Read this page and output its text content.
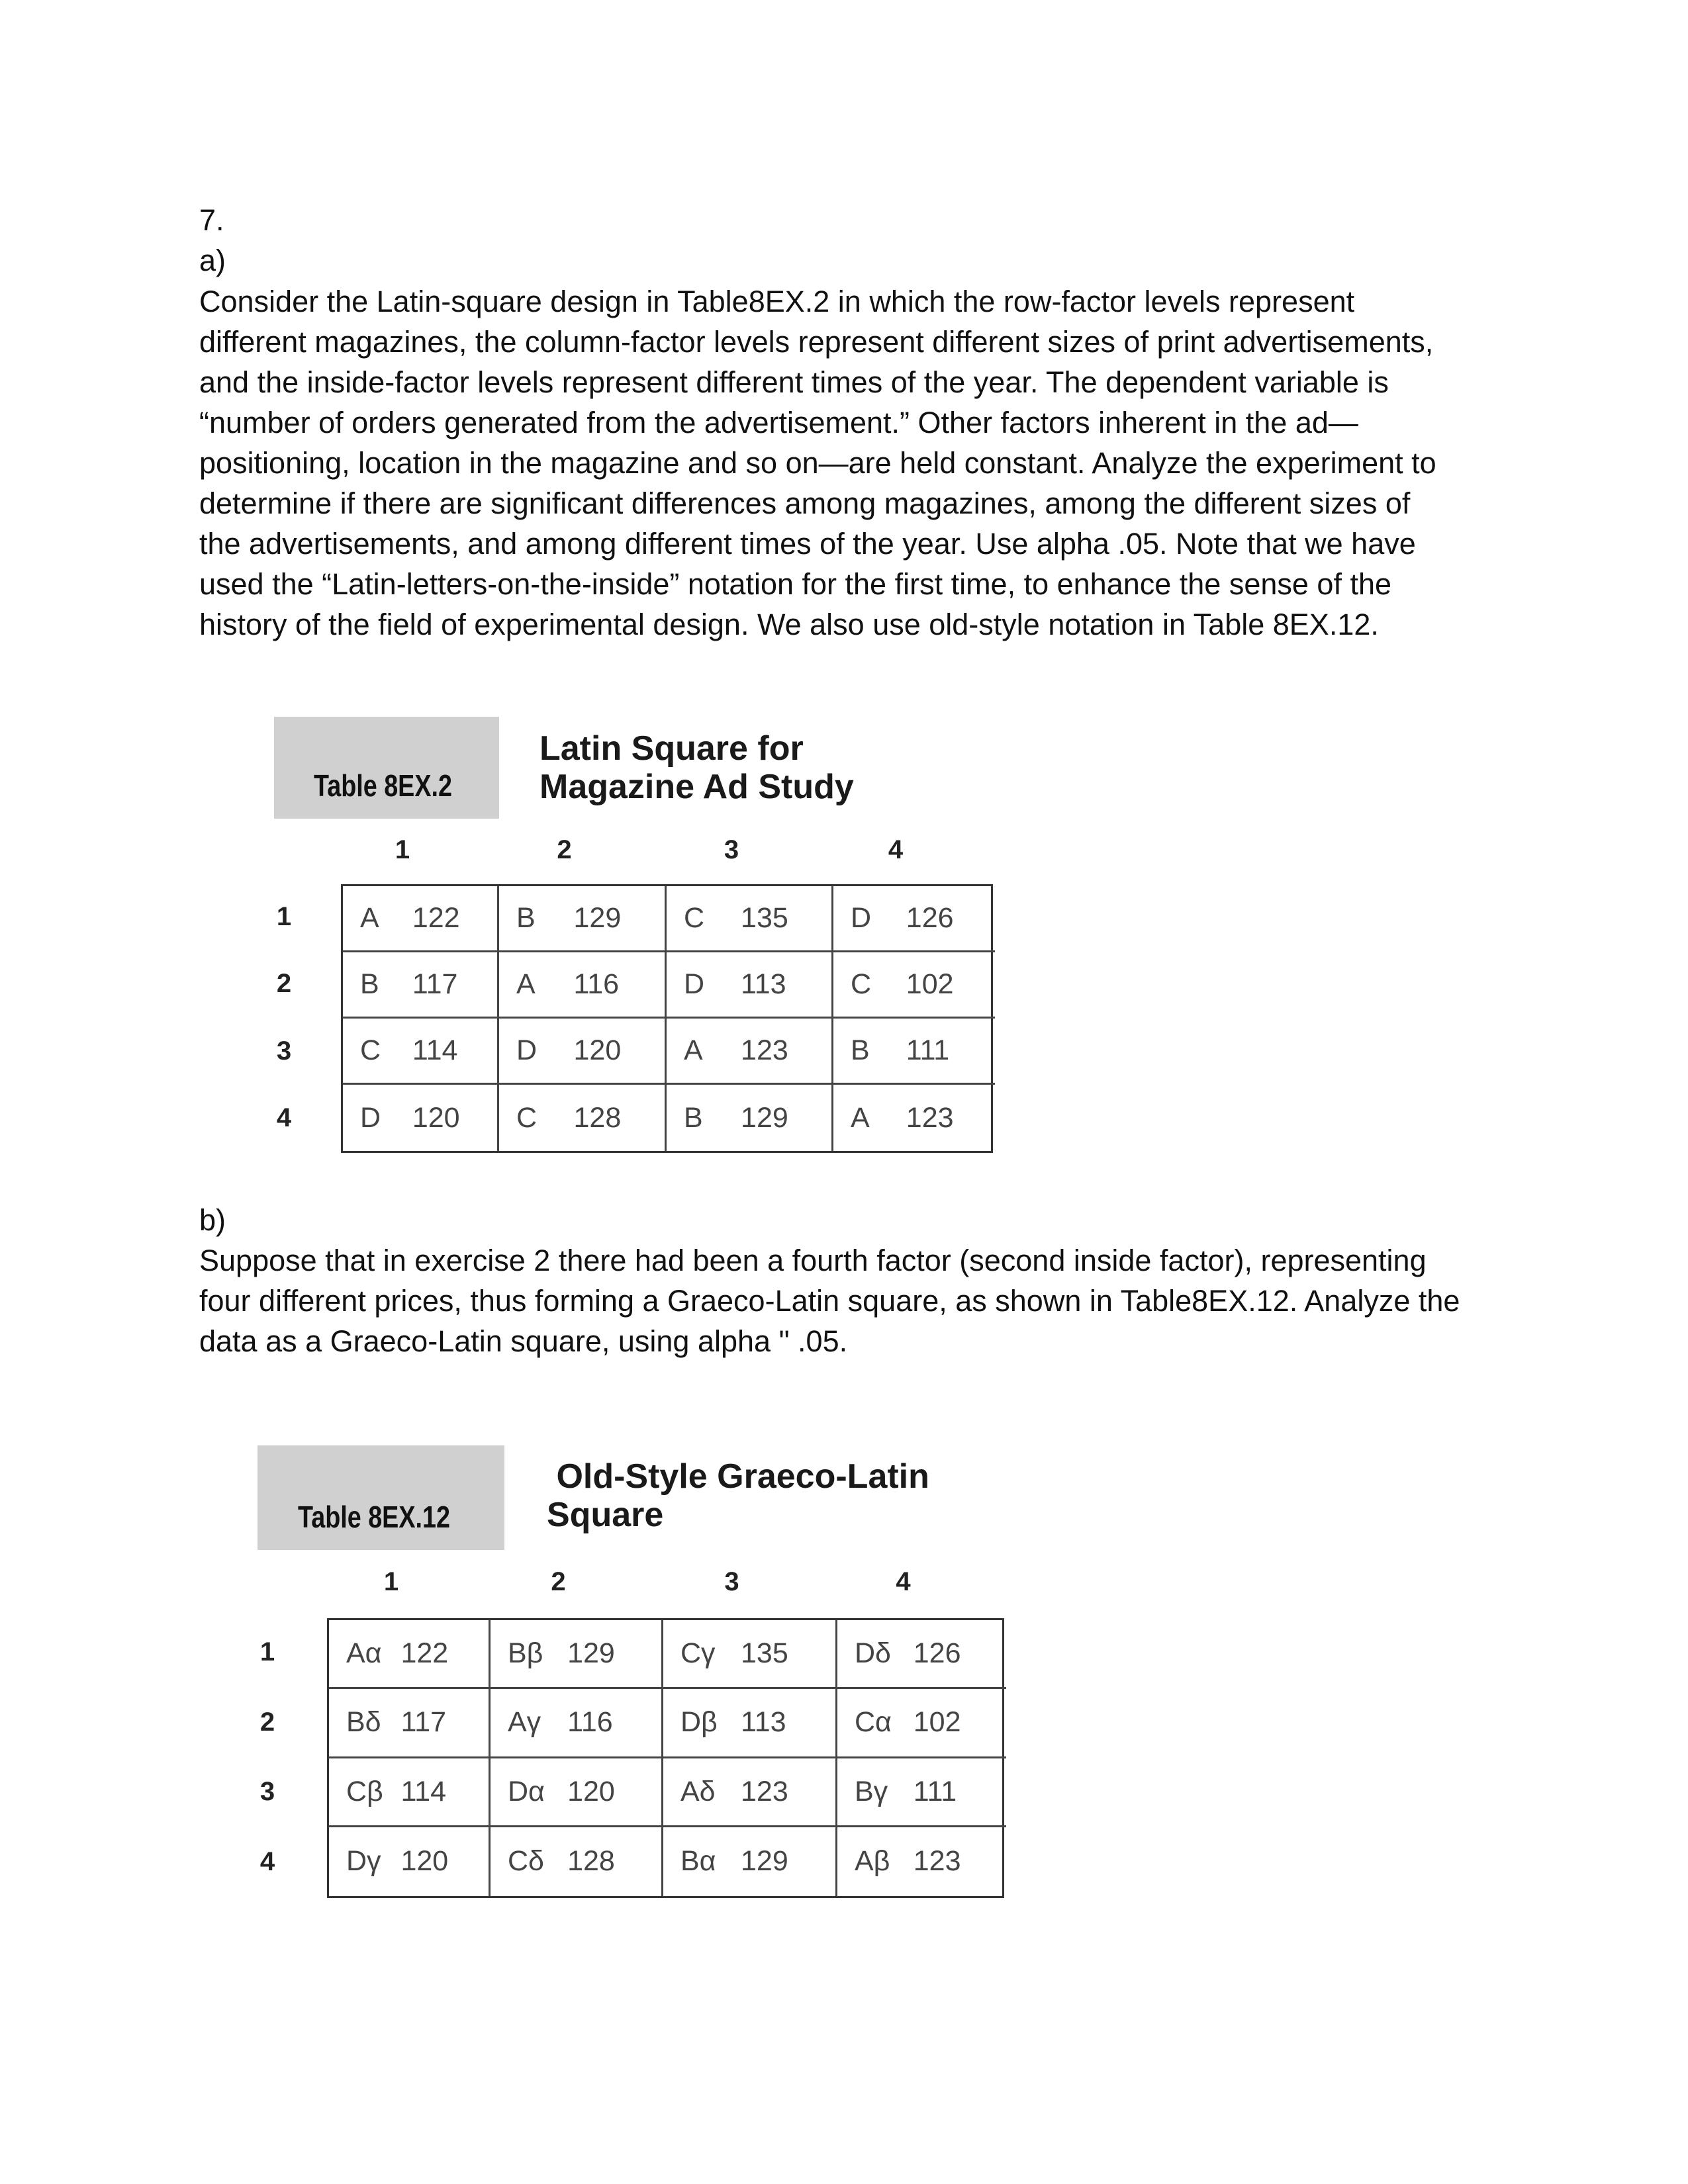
7.
a)
Consider the Latin-square design in Table8EX.2 in which the row-factor levels represent
different magazines, the column-factor levels represent different sizes of print advertisements,
and the inside-factor levels represent different times of the year. The dependent variable is
“number of orders generated from the advertisement.” Other factors inherent in the ad—
positioning, location in the magazine and so on—are held constant. Analyze the experiment to
determine if there are significant differences among magazines, among the different sizes of
the advertisements, and among different times of the year. Use alpha .05. Note that we have
used the “Latin-letters-on-the-inside” notation for the first time, to enhance the sense of the
history of the field of experimental design. We also use old-style notation in Table 8EX.12.
Table 8EX.2
Latin Square for
Magazine Ad Study
1	2	3	4
1
2
3
4
A	122	B	129	C	135	D	126
B	117	A	116	D	113	C	102
C	114	D	120	A	123	B	111
D	120	C	128	B	129	A	123
b)
Suppose that in exercise 2 there had been a fourth factor (second inside factor), representing
four different prices, thus forming a Graeco-Latin square, as shown in Table8EX.12. Analyze the
data as a Graeco-Latin square, using alpha " .05.
Table 8EX.12
Old-Style Graeco-Latin
Square
1	2	3	4
1
2
3
4
Aα 122	Bβ 129	Cγ 135	Dδ 126
Bδ 117	Aγ 116	Dβ 113	Cα 102
Cβ 114	Dα 120	Aδ 123	Bγ 111
Dγ 120	Cδ 128	Bα 129	Aβ 123
